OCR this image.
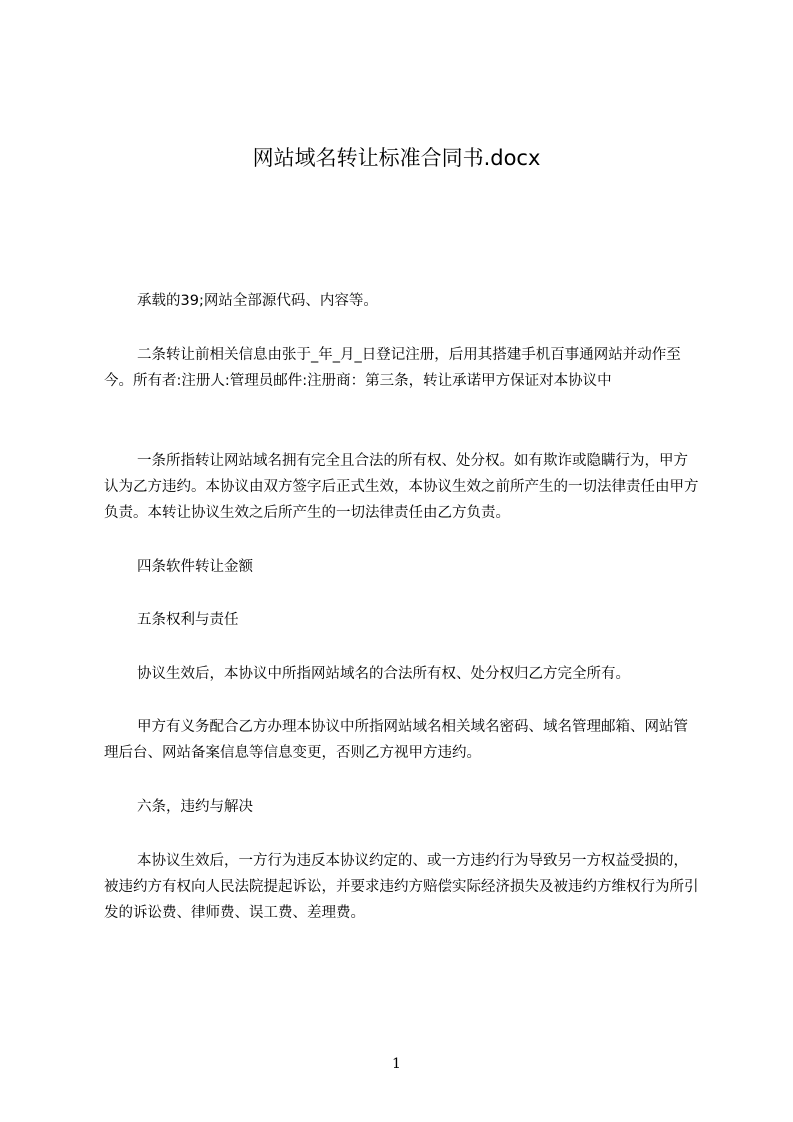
网站域名转让标准合同书.docx

承载的39;网站全部源代码、内容等。

二条转让前相关信息由张于_年_月_日登记注册，后用其搭建手机百事通网站并动作至今。所有者:注册人:管理员邮件:注册商：第三条，转让承诺甲方保证对本协议中

一条所指转让网站域名拥有完全且合法的所有权、处分权。如有欺诈或隐瞒行为，甲方认为乙方违约。本协议由双方签字后正式生效，本协议生效之前所产生的一切法律责任由甲方负责。本转让协议生效之后所产生的一切法律责任由乙方负责。

四条软件转让金额

五条权利与责任

协议生效后，本协议中所指网站域名的合法所有权、处分权归乙方完全所有。

甲方有义务配合乙方办理本协议中所指网站域名相关域名密码、域名管理邮箱、网站管理后台、网站备案信息等信息变更，否则乙方视甲方违约。

六条，违约与解决

本协议生效后，一方行为违反本协议约定的、或一方违约行为导致另一方权益受损的，被违约方有权向人民法院提起诉讼，并要求违约方赔偿实际经济损失及被违约方维权行为所引发的诉讼费、律师费、误工费、差理费。

1
